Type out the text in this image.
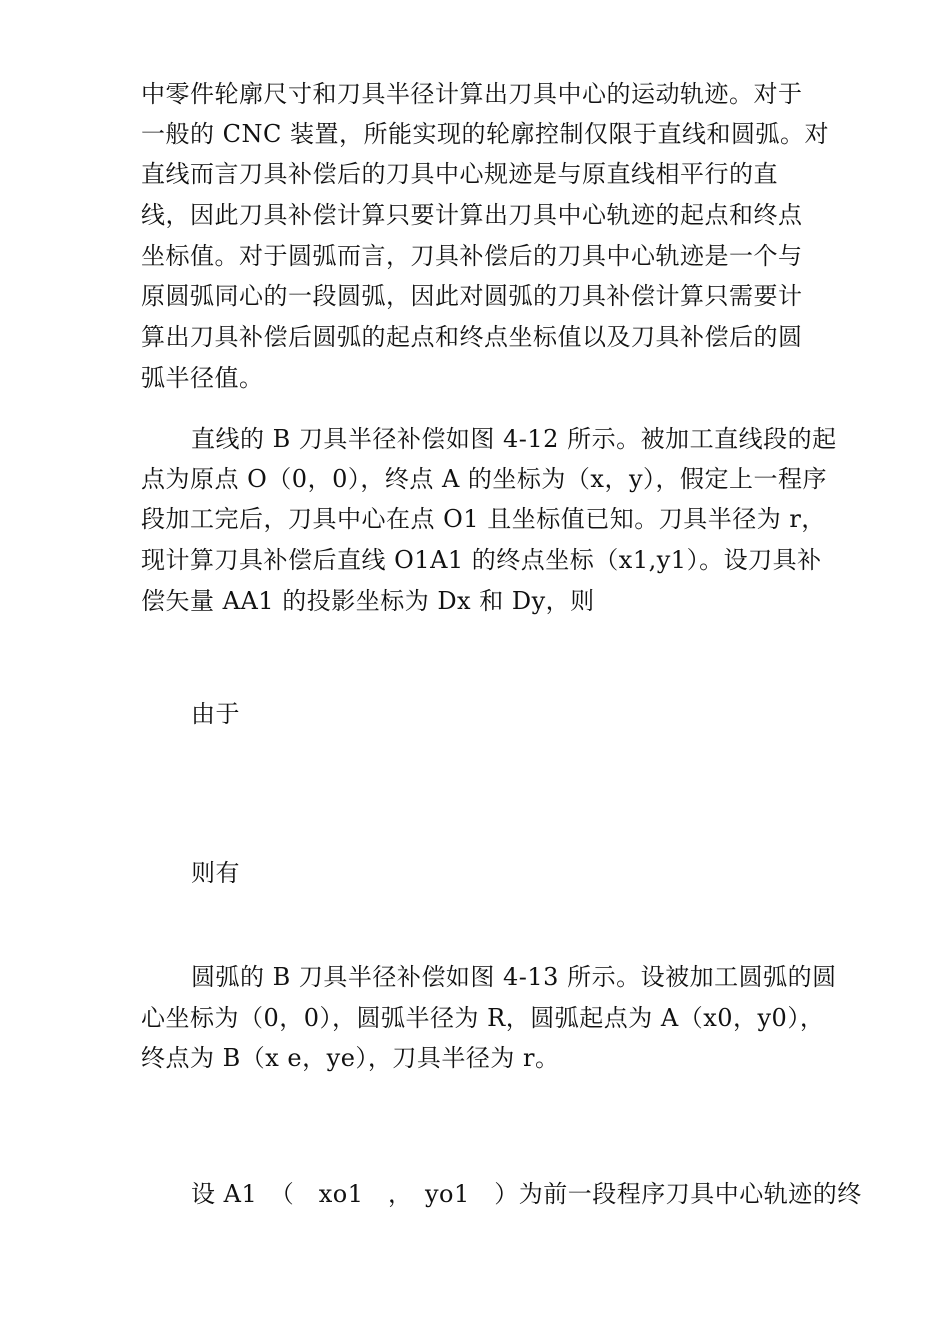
中零件轮廓尺寸和刀具半径计算出刀具中心的运动轨迹。对于
一般的 CNC 装置，所能实现的轮廓控制仅限于直线和圆弧。对
直线而言刀具补偿后的刀具中心规迹是与原直线相平行的直
线，因此刀具补偿计算只要计算出刀具中心轨迹的起点和终点
坐标值。对于圆弧而言，刀具补偿后的刀具中心轨迹是一个与
原圆弧同心的一段圆弧，因此对圆弧的刀具补偿计算只需要计
算出刀具补偿后圆弧的起点和终点坐标值以及刀具补偿后的圆
弧半径值。
直线的 B 刀具半径补偿如图 4-12 所示。被加工直线段的起
点为原点 O（0，0），终点 A 的坐标为（x，y），假定上一程序
段加工完后，刀具中心在点 O1 且坐标值已知。刀具半径为 r，
现计算刀具补偿后直线 O1A1 的终点坐标（x1,y1）。设刀具补
偿矢量 AA1 的投影坐标为 Dx 和 Dy，则
由于
则有
圆弧的 B 刀具半径补偿如图 4-13 所示。设被加工圆弧的圆
心坐标为（0，0），圆弧半径为 R，圆弧起点为 A（x0，y0），
终点为 B（x e，ye），刀具半径为 r。
设 A1　（　xo1　，　yo1　）为前一段程序刀具中心轨迹的终
